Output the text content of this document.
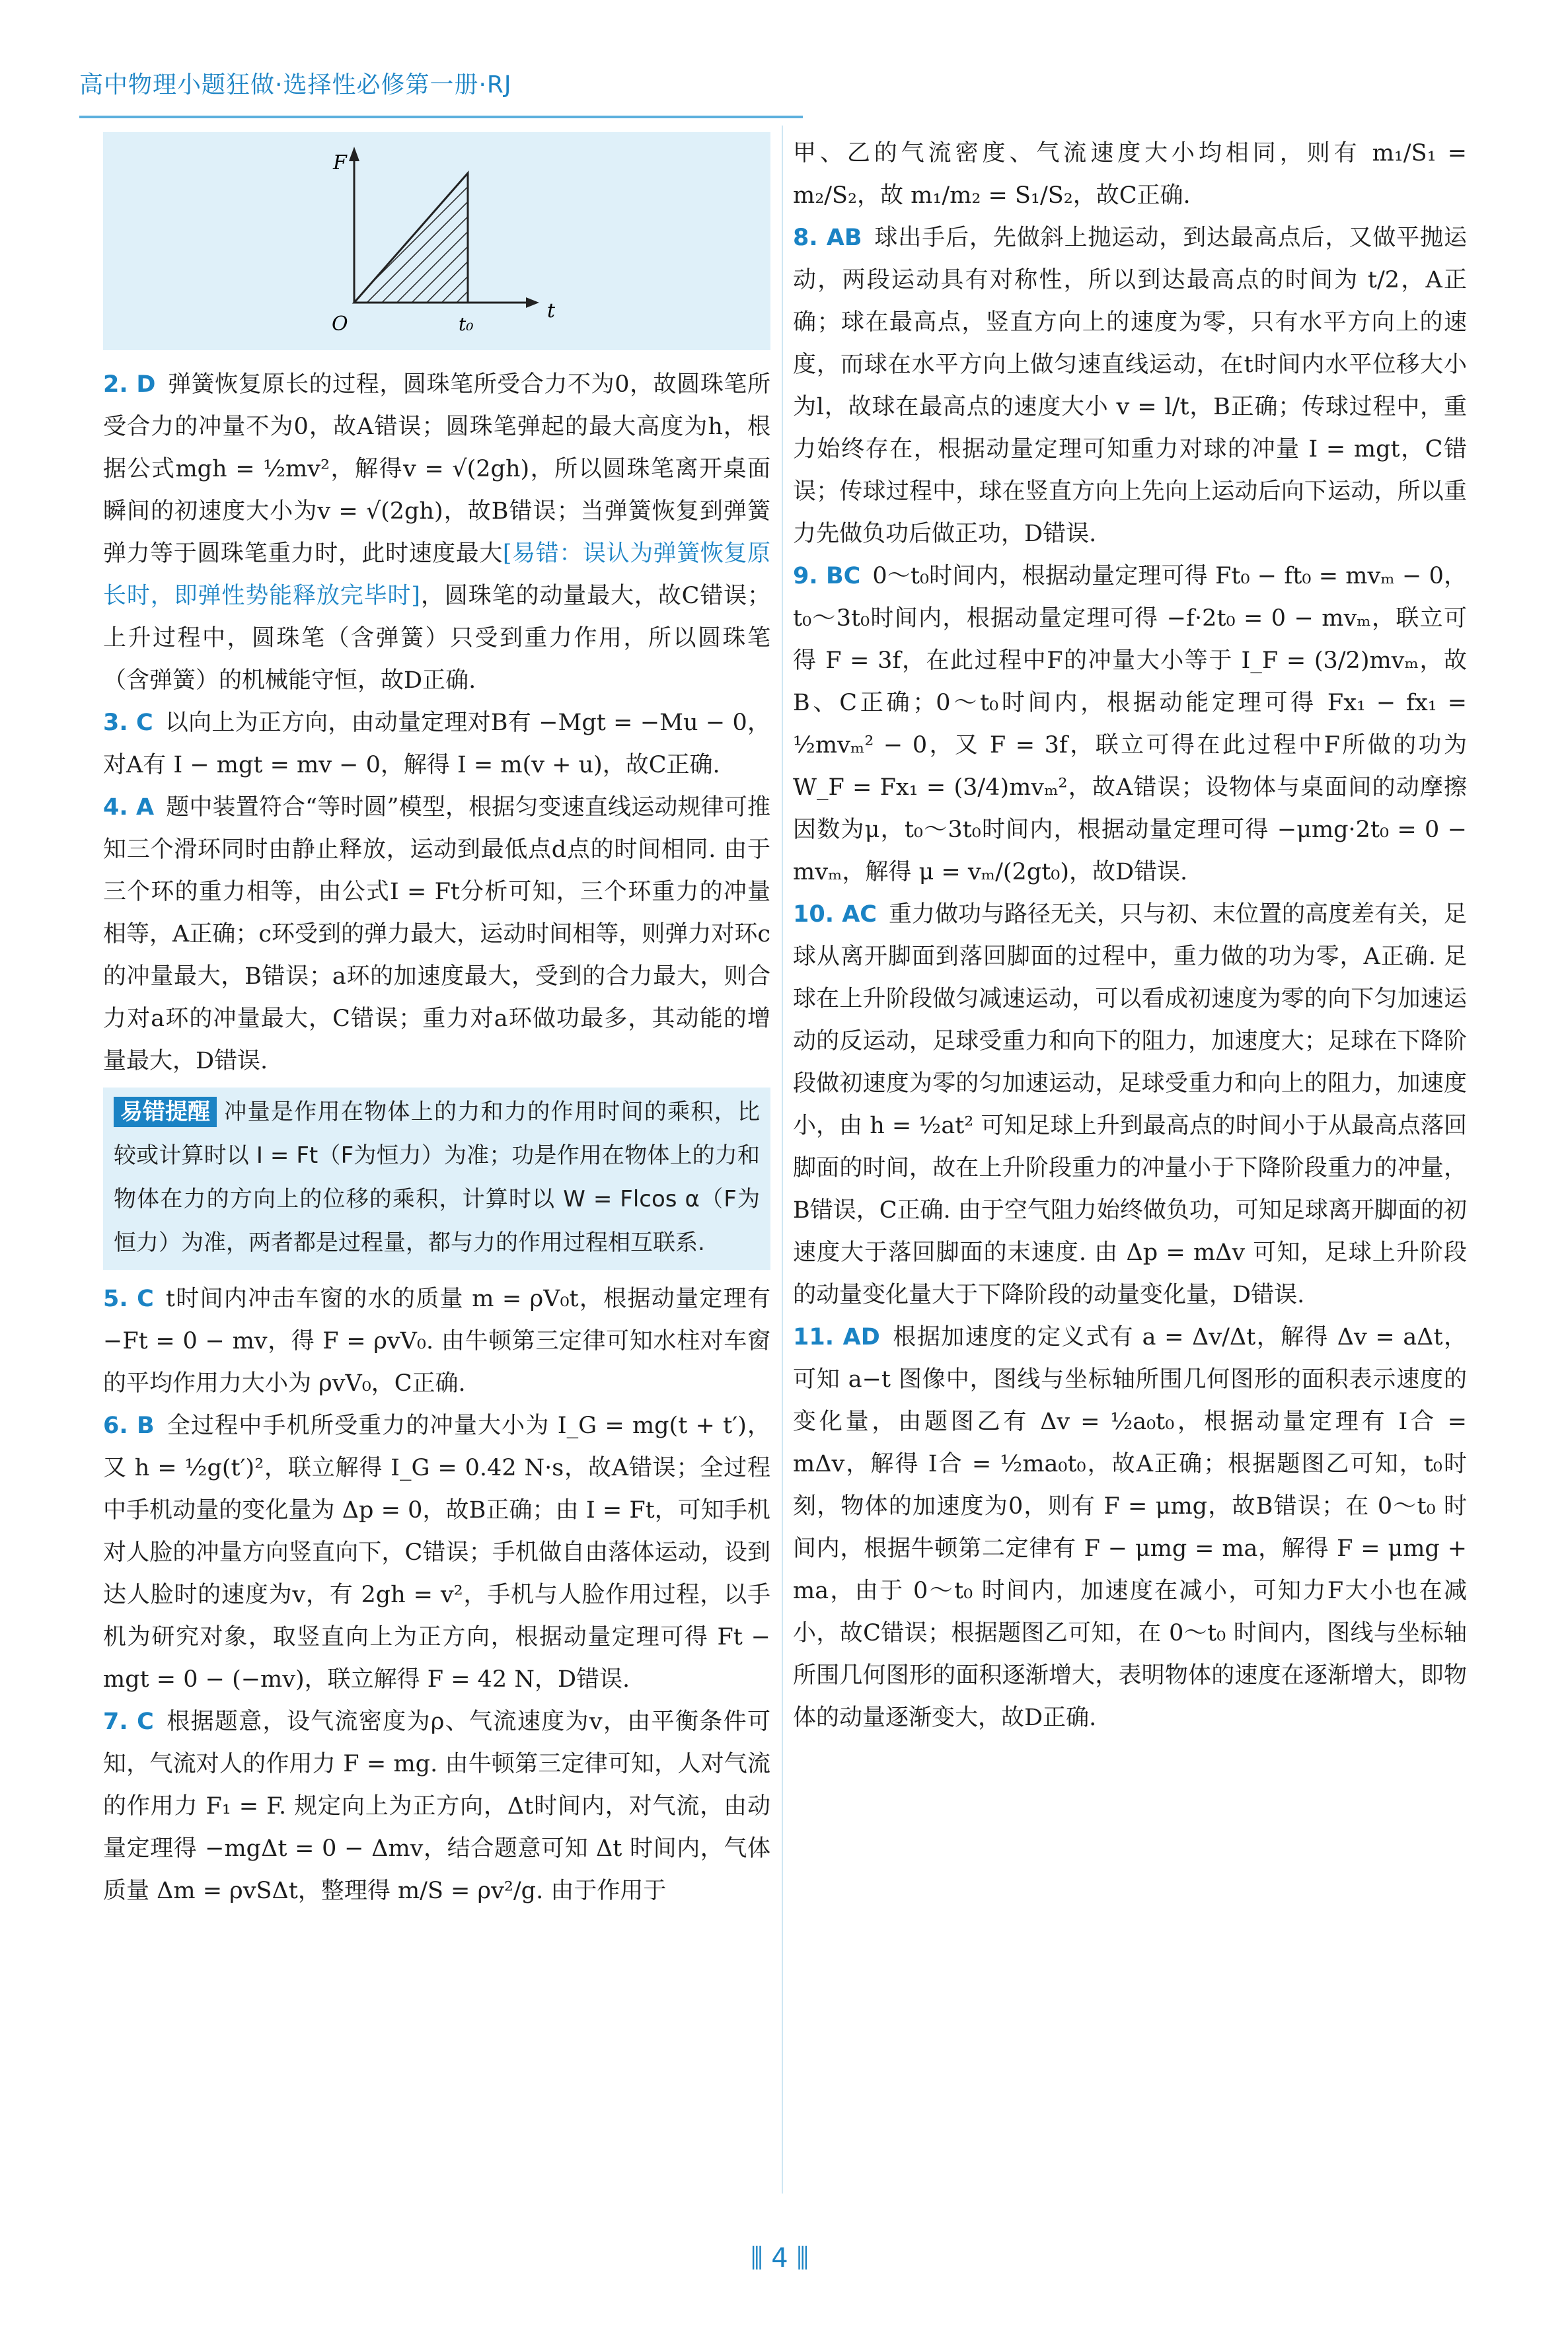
高中物理小题狂做·选择性必修第一册·RJ
F
t
O	t₀

2. D 弹簧恢复原长的过程，圆珠笔所受合力不为0，故圆珠笔所受合力的冲量不为0，故A错误；圆珠笔弹起的最大高度为h，根据公式mgh = ½mv²，解得v = √(2gh)，所以圆珠笔离开桌面瞬间的初速度大小为v = √(2gh)，故B错误；当弹簧恢复到弹簧弹力等于圆珠笔重力时，此时速度最大[易错：误认为弹簧恢复原长时，即弹性势能释放完毕时]，圆珠笔的动量最大，故C错误；上升过程中，圆珠笔（含弹簧）只受到重力作用，所以圆珠笔（含弹簧）的机械能守恒，故D正确.

3. C 以向上为正方向，由动量定理对B有 −Mgt = −Mu − 0，对A有 I − mgt = mv − 0，解得 I = m(v + u)，故C正确.

4. A 题中装置符合“等时圆”模型，根据匀变速直线运动规律可推知三个滑环同时由静止释放，运动到最低点d点的时间相同. 由于三个环的重力相等，由公式I = Ft分析可知，三个环重力的冲量相等，A正确；c环受到的弹力最大，运动时间相等，则弹力对环c的冲量最大，B错误；a环的加速度最大，受到的合力最大，则合力对a环的冲量最大，C错误；重力对a环做功最多，其动能的增量最大，D错误.

易错提醒 冲量是作用在物体上的力和力的作用时间的乘积，比较或计算时以 I = Ft（F为恒力）为准；功是作用在物体上的力和物体在力的方向上的位移的乘积，计算时以 W = Flcos α（F为恒力）为准，两者都是过程量，都与力的作用过程相互联系.

5. C t时间内冲击车窗的水的质量 m = ρV₀t，根据动量定理有 −Ft = 0 − mv，得 F = ρvV₀. 由牛顿第三定律可知水柱对车窗的平均作用力大小为 ρvV₀，C正确.

6. B 全过程中手机所受重力的冲量大小为 I_G = mg(t + t′)，又 h = ½g(t′)²，联立解得 I_G = 0.42 N·s，故A错误；全过程中手机动量的变化量为 Δp = 0，故B正确；由 I = Ft，可知手机对人脸的冲量方向竖直向下，C错误；手机做自由落体运动，设到达人脸时的速度为v，有 2gh = v²，手机与人脸作用过程，以手机为研究对象，取竖直向上为正方向，根据动量定理可得 Ft − mgt = 0 − (−mv)，联立解得 F = 42 N，D错误.

7. C 根据题意，设气流密度为ρ、气流速度为v，由平衡条件可知，气流对人的作用力 F = mg. 由牛顿第三定律可知，人对气流的作用力 F₁ = F. 规定向上为正方向，Δt时间内，对气流，由动量定理得 −mgΔt = 0 − Δmv，结合题意可知 Δt 时间内，气体质量 Δm = ρvSΔt，整理得 m/S = ρv²/g. 由于作用于

甲、乙的气流密度、气流速度大小均相同，则有 m₁/S₁ = m₂/S₂，故 m₁/m₂ = S₁/S₂，故C正确.

8. AB 球出手后，先做斜上抛运动，到达最高点后，又做平抛运动，两段运动具有对称性，所以到达最高点的时间为 t/2，A正确；球在最高点，竖直方向上的速度为零，只有水平方向上的速度，而球在水平方向上做匀速直线运动，在t时间内水平位移大小为l，故球在最高点的速度大小 v = l/t，B正确；传球过程中，重力始终存在，根据动量定理可知重力对球的冲量 I = mgt，C错误；传球过程中，球在竖直方向上先向上运动后向下运动，所以重力先做负功后做正功，D错误.

9. BC 0～t₀时间内，根据动量定理可得 Ft₀ − ft₀ = mvₘ − 0，t₀～3t₀时间内，根据动量定理可得 −f·2t₀ = 0 − mvₘ，联立可得 F = 3f，在此过程中F的冲量大小等于 I_F = (3/2)mvₘ，故B、C正确；0～t₀时间内，根据动能定理可得 Fx₁ − fx₁ = ½mvₘ² − 0，又 F = 3f，联立可得在此过程中F所做的功为 W_F = Fx₁ = (3/4)mvₘ²，故A错误；设物体与桌面间的动摩擦因数为μ，t₀～3t₀时间内，根据动量定理可得 −μmg·2t₀ = 0 − mvₘ，解得 μ = vₘ/(2gt₀)，故D错误.

10. AC 重力做功与路径无关，只与初、末位置的高度差有关，足球从离开脚面到落回脚面的过程中，重力做的功为零，A正确. 足球在上升阶段做匀减速运动，可以看成初速度为零的向下匀加速运动的反运动，足球受重力和向下的阻力，加速度大；足球在下降阶段做初速度为零的匀加速运动，足球受重力和向上的阻力，加速度小，由 h = ½at² 可知足球上升到最高点的时间小于从最高点落回脚面的时间，故在上升阶段重力的冲量小于下降阶段重力的冲量，B错误，C正确. 由于空气阻力始终做负功，可知足球离开脚面的初速度大于落回脚面的末速度. 由 Δp = mΔv 可知，足球上升阶段的动量变化量大于下降阶段的动量变化量，D错误.

11. AD 根据加速度的定义式有 a = Δv/Δt，解得 Δv = aΔt，可知 a−t 图像中，图线与坐标轴所围几何图形的面积表示速度的变化量，由题图乙有 Δv = ½a₀t₀，根据动量定理有 I合 = mΔv，解得 I合 = ½ma₀t₀，故A正确；根据题图乙可知，t₀时刻，物体的加速度为0，则有 F = μmg，故B错误；在 0～t₀ 时间内，根据牛顿第二定律有 F − μmg = ma，解得 F = μmg + ma，由于 0～t₀ 时间内，加速度在减小，可知力F大小也在减小，故C错误；根据题图乙可知，在 0～t₀ 时间内，图线与坐标轴所围几何图形的面积逐渐增大，表明物体的速度在逐渐增大，即物体的动量逐渐变大，故D正确.

⫼ 4 ⫼
